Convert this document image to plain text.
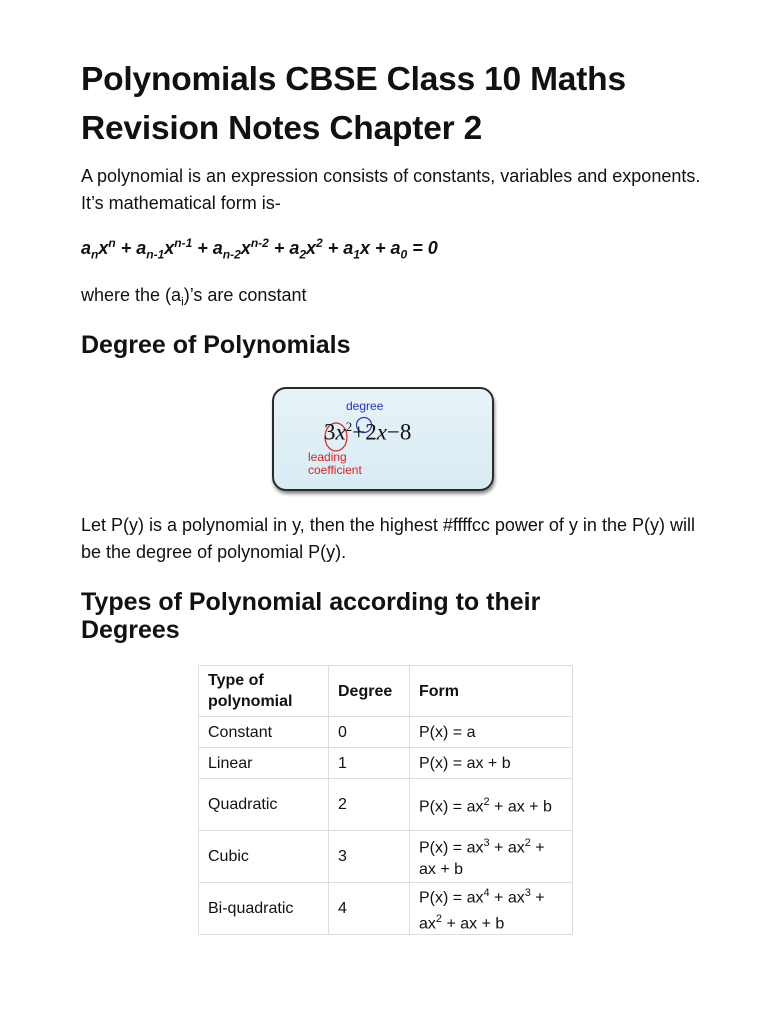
Polynomials CBSE Class 10 Maths Revision Notes Chapter 2

A polynomial is an expression consists of constants, variables and exponents. It’s mathematical form is-

$a_nx^n + a_{n-1}x^{n-1} + a_{n-2}x^{n-2} + a_2x^2 + a_1x + a_0 = 0$

where the $(a_i)’s$ are constant

Degree of Polynomials
degree
$3x^2+2x-8$
leading
coefficient

Let P(y) is a polynomial in y, then the highest #ffffcc power of y in the P(y) will be the degree of polynomial P(y).

Types of Polynomial according to their Degrees
Type of polynomial	Degree	Form
Constant	0	P(x) = a
Linear	1	P(x) = ax + b
Quadratic	2	$P(x) = ax^2$ + ax + b
Cubic	3	$P(x) = ax^3 + ax^2$ + ax + b
Bi-quadratic	4	$P(x) = ax^4 + ax^3 + ax^2$ + ax + b
